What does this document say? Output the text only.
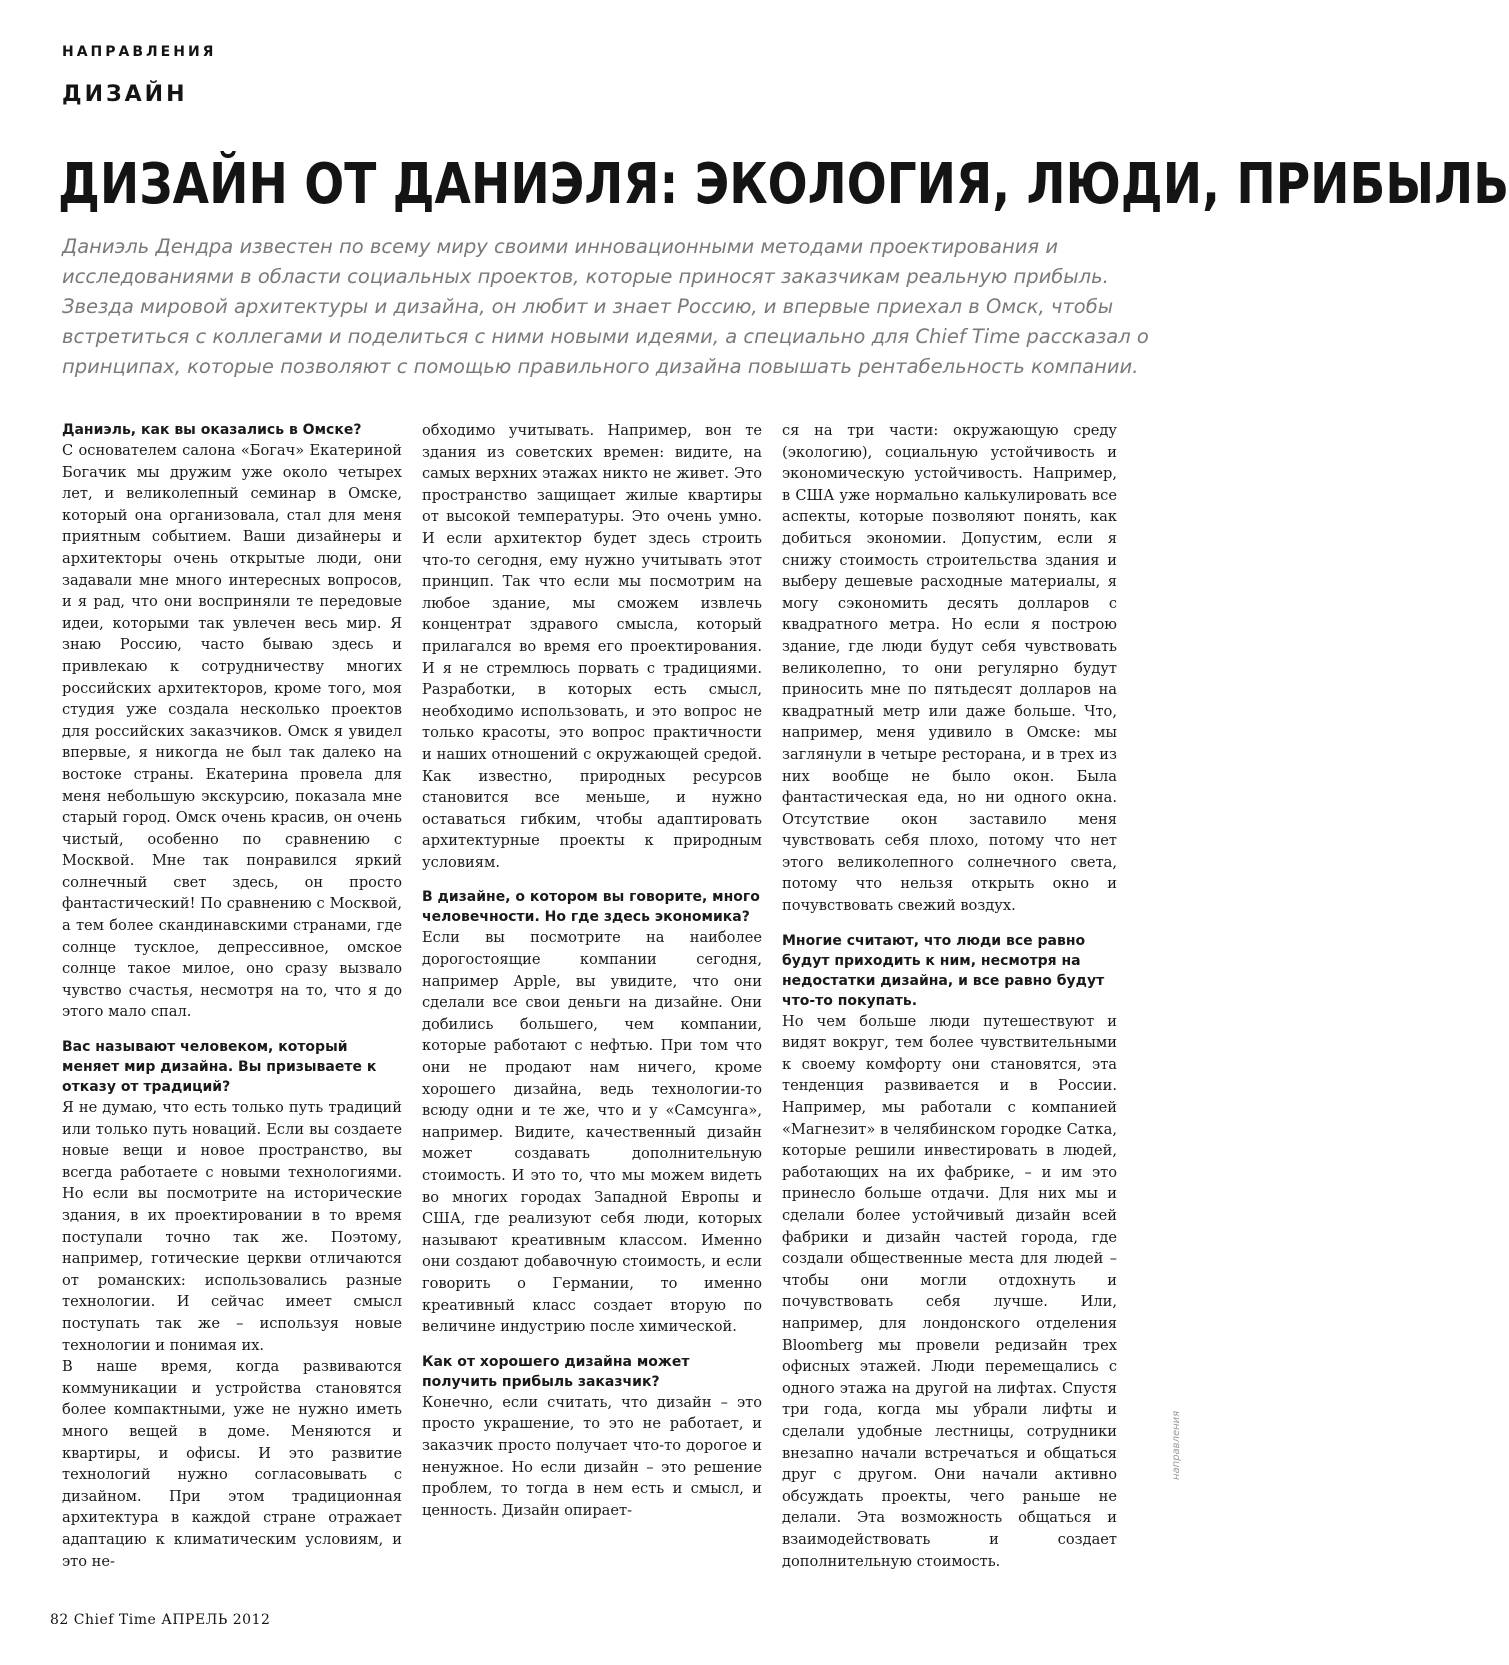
НАПРАВЛЕНИЯ
ДИЗАЙН
ДИЗАЙН ОТ ДАНИЭЛЯ: ЭКОЛОГИЯ, ЛЮДИ, ПРИБЫЛЬ
Даниэль Дендра известен по всему миру своими инновационными методами проектирования и исследованиями в области социальных проектов, которые приносят заказчикам реальную прибыль. Звезда мировой архитектуры и дизайна, он любит и знает Россию, и впервые приехал в Омск, чтобы встретиться с коллегами и поделиться с ними новыми идеями, а специально для Chief Time рассказал о принципах, которые позволяют с помощью правильного дизайна повышать рентабельность компании.

Даниэль, как вы оказались в Омске?

С основателем салона «Богач» Екатериной Богачик мы дружим уже около четырех лет, и великолепный семинар в Омске, который она организовала, стал для меня приятным событием. Ваши дизайнеры и архитекторы очень открытые люди, они задавали мне много интересных вопросов, и я рад, что они восприняли те передовые идеи, которыми так увлечен весь мир. Я знаю Россию, часто бываю здесь и привлекаю к сотрудничеству многих российских архитекторов, кроме того, моя студия уже создала несколько проектов для российских заказчиков. Омск я увидел впервые, я никогда не был так далеко на востоке страны. Екатерина провела для меня небольшую экскурсию, показала мне старый город. Омск очень красив, он очень чистый, особенно по сравнению с Москвой. Мне так понравился яркий солнечный свет здесь, он просто фантастический! По сравнению с Москвой, а тем более скандинавскими странами, где солнце тусклое, депрессивное, омское солнце такое милое, оно сразу вызвало чувство счастья, несмотря на то, что я до этого мало спал.

Вас называют человеком, который меняет мир дизайна. Вы призываете к отказу от традиций?

Я не думаю, что есть только путь традиций или только путь новаций. Если вы создаете новые вещи и новое пространство, вы всегда работаете с новыми технологиями. Но если вы посмотрите на исторические здания, в их проектировании в то время поступали точно так же. Поэтому, например, готические церкви отличаются от романских: использовались разные технологии. И сейчас имеет смысл поступать так же – используя новые технологии и понимая их.

В наше время, когда развиваются коммуникации и устройства становятся более компактными, уже не нужно иметь много вещей в доме. Меняются и квартиры, и офисы. И это развитие технологий нужно согласовывать с дизайном. При этом традиционная архитектура в каждой стране отражает адаптацию к климатическим условиям, и это не-

обходимо учитывать. Например, вон те здания из советских времен: видите, на самых верхних этажах никто не живет. Это пространство защищает жилые квартиры от высокой температуры. Это очень умно. И если архитектор будет здесь строить что-то сегодня, ему нужно учитывать этот принцип. Так что если мы посмотрим на любое здание, мы сможем извлечь концентрат здравого смысла, который прилагался во время его проектирования. И я не стремлюсь порвать с традициями. Разработки, в которых есть смысл, необходимо использовать, и это вопрос не только красоты, это вопрос практичности и наших отношений с окружающей средой. Как известно, природных ресурсов становится все меньше, и нужно оставаться гибким, чтобы адаптировать архитектурные проекты к природным условиям.

В дизайне, о котором вы говорите, много человечности. Но где здесь экономика?

Если вы посмотрите на наиболее дорогостоящие компании сегодня, например Apple, вы увидите, что они сделали все свои деньги на дизайне. Они добились большего, чем компании, которые работают с нефтью. При том что они не продают нам ничего, кроме хорошего дизайна, ведь технологии-то всюду одни и те же, что и у «Самсунга», например. Видите, качественный дизайн может создавать дополнительную стоимость. И это то, что мы можем видеть во многих городах Западной Европы и США, где реализуют себя люди, которых называют креативным классом. Именно они создают добавочную стоимость, и если говорить о Германии, то именно креативный класс создает вторую по величине индустрию после химической.

Как от хорошего дизайна может получить прибыль заказчик?

Конечно, если считать, что дизайн – это просто украшение, то это не работает, и заказчик просто получает что-то дорогое и ненужное. Но если дизайн – это решение проблем, то тогда в нем есть и смысл, и ценность. Дизайн опирает-

ся на три части: окружающую среду (экологию), социальную устойчивость и экономическую устойчивость. Например, в США уже нормально калькулировать все аспекты, которые позволяют понять, как добиться экономии. Допустим, если я снижу стоимость строительства здания и выберу дешевые расходные материалы, я могу сэкономить десять долларов с квадратного метра. Но если я построю здание, где люди будут себя чувствовать великолепно, то они регулярно будут приносить мне по пятьдесят долларов на квадратный метр или даже больше. Что, например, меня удивило в Омске: мы заглянули в четыре ресторана, и в трех из них вообще не было окон. Была фантастическая еда, но ни одного окна. Отсутствие окон заставило меня чувствовать себя плохо, потому что нет этого великолепного солнечного света, потому что нельзя открыть окно и почувствовать свежий воздух.

Многие считают, что люди все равно будут приходить к ним, несмотря на недостатки дизайна, и все равно будут что-то покупать.

Но чем больше люди путешествуют и видят вокруг, тем более чувствительными к своему комфорту они становятся, эта тенденция развивается и в России. Например, мы работали с компанией «Магнезит» в челябинском городке Сатка, которые решили инвестировать в людей, работающих на их фабрике, – и им это принесло больше отдачи. Для них мы и сделали более устойчивый дизайн всей фабрики и дизайн частей города, где создали общественные места для людей – чтобы они могли отдохнуть и почувствовать себя лучше. Или, например, для лондонского отделения Bloomberg мы провели редизайн трех офисных этажей. Люди перемещались с одного этажа на другой на лифтах. Спустя три года, когда мы убрали лифты и сделали удобные лестницы, сотрудники внезапно начали встречаться и общаться друг с другом. Они начали активно обсуждать проекты, чего раньше не делали. Эта возможность общаться и взаимодействовать и создает дополнительную стоимость.

82 Chief Time АПРЕЛЬ 2012
направления
